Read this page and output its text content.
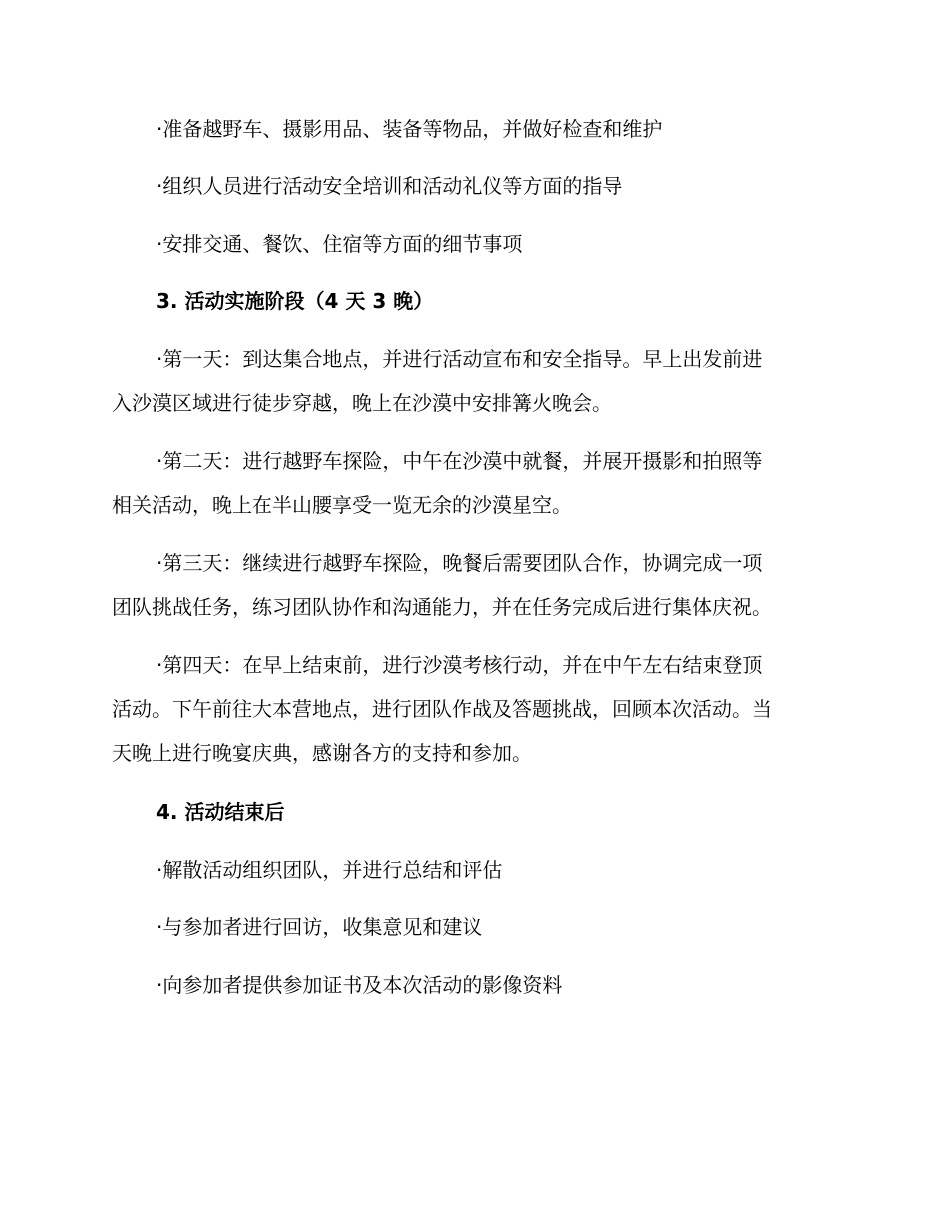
·准备越野车、摄影用品、装备等物品，并做好检查和维护
·组织人员进行活动安全培训和活动礼仪等方面的指导
·安排交通、餐饮、住宿等方面的细节事项
3. 活动实施阶段（4 天 3 晚）
·第一天：到达集合地点，并进行活动宣布和安全指导。早上出发前进
入沙漠区域进行徒步穿越，晚上在沙漠中安排篝火晚会。
·第二天：进行越野车探险，中午在沙漠中就餐，并展开摄影和拍照等
相关活动，晚上在半山腰享受一览无余的沙漠星空。
·第三天：继续进行越野车探险，晚餐后需要团队合作，协调完成一项
团队挑战任务，练习团队协作和沟通能力，并在任务完成后进行集体庆祝。
·第四天：在早上结束前，进行沙漠考核行动，并在中午左右结束登顶
活动。下午前往大本营地点，进行团队作战及答题挑战，回顾本次活动。当
天晚上进行晚宴庆典，感谢各方的支持和参加。
4. 活动结束后
·解散活动组织团队，并进行总结和评估
·与参加者进行回访，收集意见和建议
·向参加者提供参加证书及本次活动的影像资料
